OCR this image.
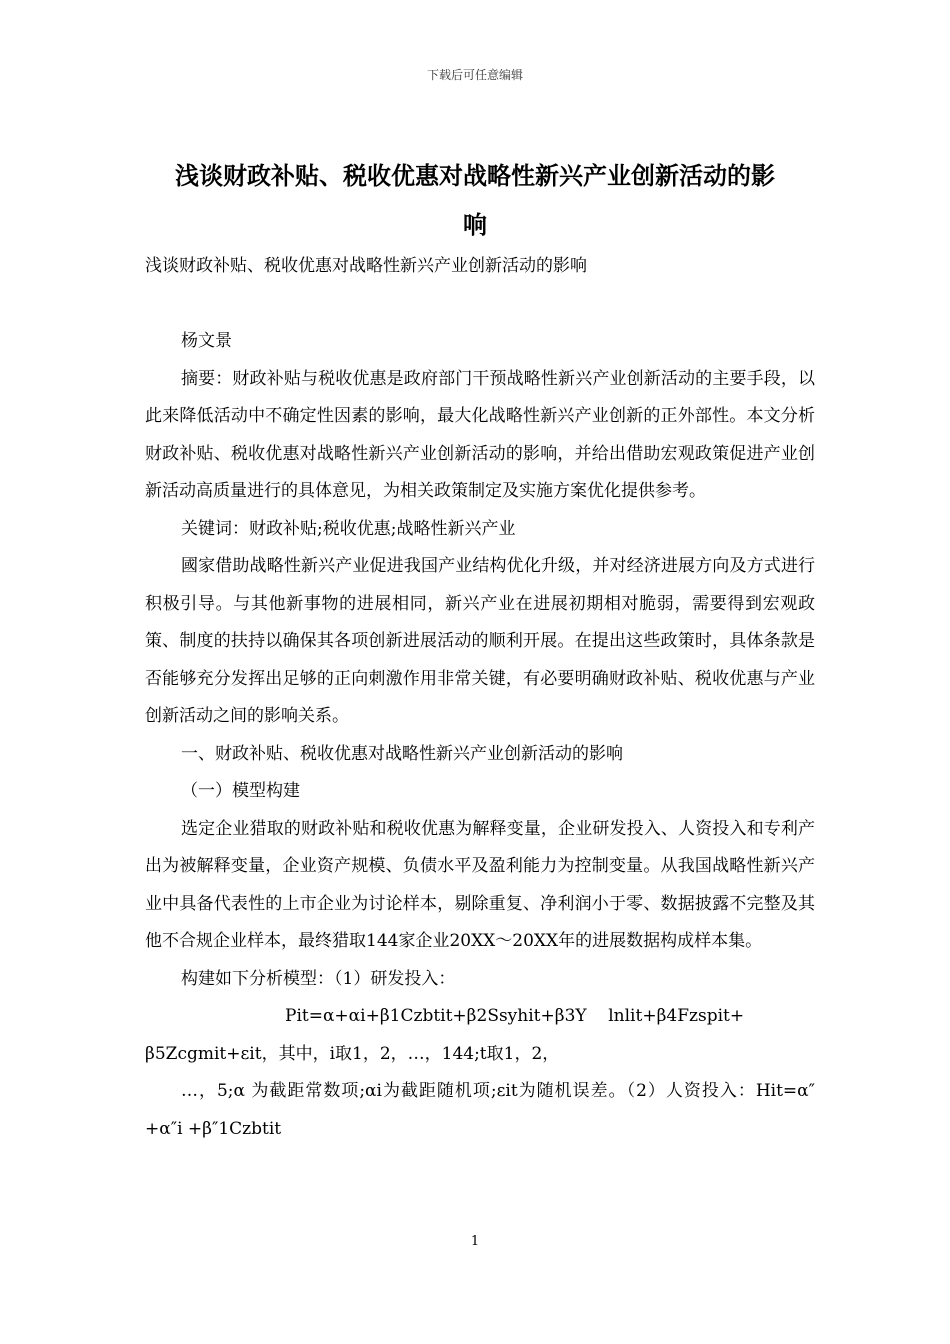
下载后可任意编辑
浅谈财政补贴、税收优惠对战略性新兴产业创新活动的影
响

浅谈财政补贴、税收优惠对战略性新兴产业创新活动的影响

杨文景

摘要：财政补贴与税收优惠是政府部门干预战略性新兴产业创新活动的主要手段，以此来降低活动中不确定性因素的影响，最大化战略性新兴产业创新的正外部性。本文分析财政补贴、税收优惠对战略性新兴产业创新活动的影响，并给出借助宏观政策促进产业创新活动高质量进行的具体意见，为相关政策制定及实施方案优化提供参考。

关键词：财政补贴;税收优惠;战略性新兴产业

國家借助战略性新兴产业促进我国产业结构优化升级，并对经济进展方向及方式进行积极引导。与其他新事物的进展相同，新兴产业在进展初期相对脆弱，需要得到宏观政策、制度的扶持以确保其各项创新进展活动的顺利开展。在提出这些政策时，具体条款是否能够充分发挥出足够的正向刺激作用非常关键，有必要明确财政补贴、税收优惠与产业创新活动之间的影响关系。

一、财政补贴、税收优惠对战略性新兴产业创新活动的影响

（一）模型构建

选定企业猎取的财政补贴和税收优惠为解释变量，企业研发投入、人资投入和专利产出为被解释变量，企业资产规模、负债水平及盈利能力为控制变量。从我国战略性新兴产业中具备代表性的上市企业为讨论样本，剔除重复、净利润小于零、数据披露不完整及其他不合规企业样本，最终猎取144家企业20XX～20XX年的进展数据构成样本集。

构建如下分析模型：（1）研发投入：

Pit=α+αi+β1Czbtit+β2Ssyhit+β3Y    lnlit+β4Fzspit+

β5Zcgmit+εit，其中，i取1，2，…，144;t取1，2，

…，5;α 为截距常数项;αi为截距随机项;εit为随机误差。（2）人资投入：Hit=α″ +α″i +β″1Czbtit

1
